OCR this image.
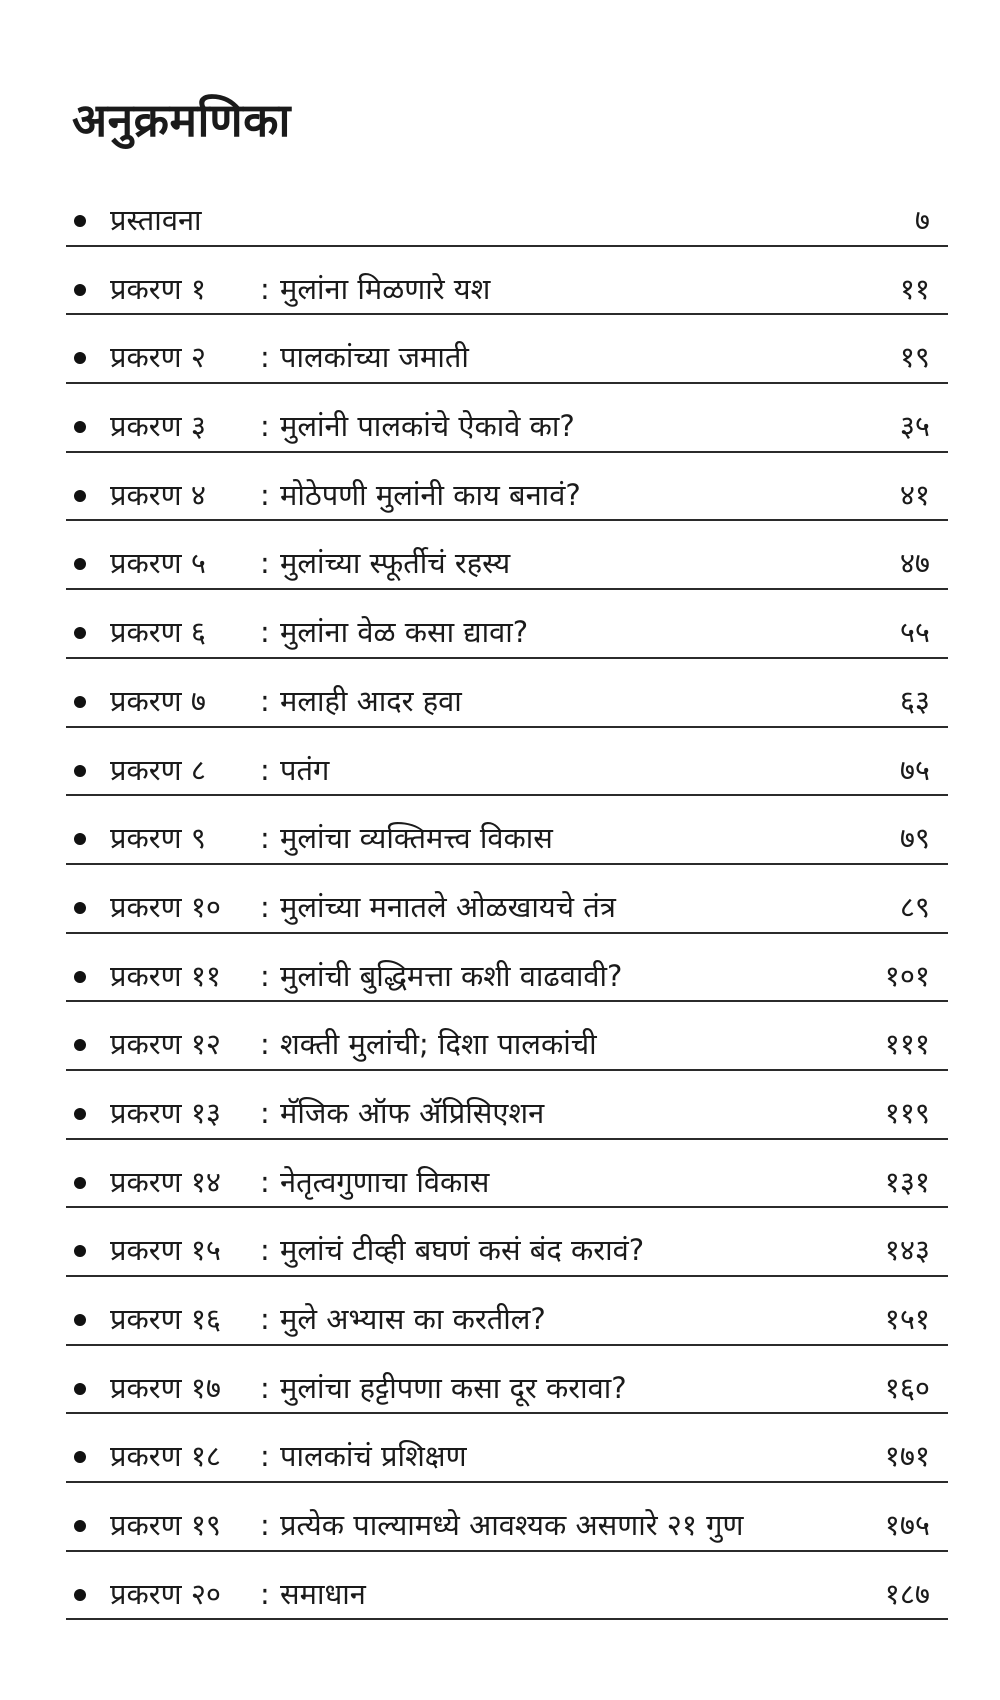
अनुक्रमणिका
प्रस्तावना	७
प्रकरण १ : मुलांना मिळणारे यश	११
प्रकरण २ : पालकांच्या जमाती	१९
प्रकरण ३ : मुलांनी पालकांचे ऐकावे का?	३५
प्रकरण ४ : मोठेपणी मुलांनी काय बनावं?	४१
प्रकरण ५ : मुलांच्या स्फूर्तीचं रहस्य	४७
प्रकरण ६ : मुलांना वेळ कसा द्यावा?	५५
प्रकरण ७ : मलाही आदर हवा	६३
प्रकरण ८ : पतंग	७५
प्रकरण ९ : मुलांचा व्यक्तिमत्त्व विकास	७९
प्रकरण १० : मुलांच्या मनातले ओळखायचे तंत्र	८९
प्रकरण ११ : मुलांची बुद्धिमत्ता कशी वाढवावी?	१०१
प्रकरण १२ : शक्ती मुलांची; दिशा पालकांची	१११
प्रकरण १३ : मॅजिक ऑफ ॲप्रिसिएशन	११९
प्रकरण १४ : नेतृत्वगुणाचा विकास	१३१
प्रकरण १५ : मुलांचं टीव्ही बघणं कसं बंद करावं?	१४३
प्रकरण १६ : मुले अभ्यास का करतील?	१५१
प्रकरण १७ : मुलांचा हट्टीपणा कसा दूर करावा?	१६०
प्रकरण १८ : पालकांचं प्रशिक्षण	१७१
प्रकरण १९ : प्रत्येक पाल्यामध्ये आवश्यक असणारे २१ गुण	१७५
प्रकरण २० : समाधान	१८७
